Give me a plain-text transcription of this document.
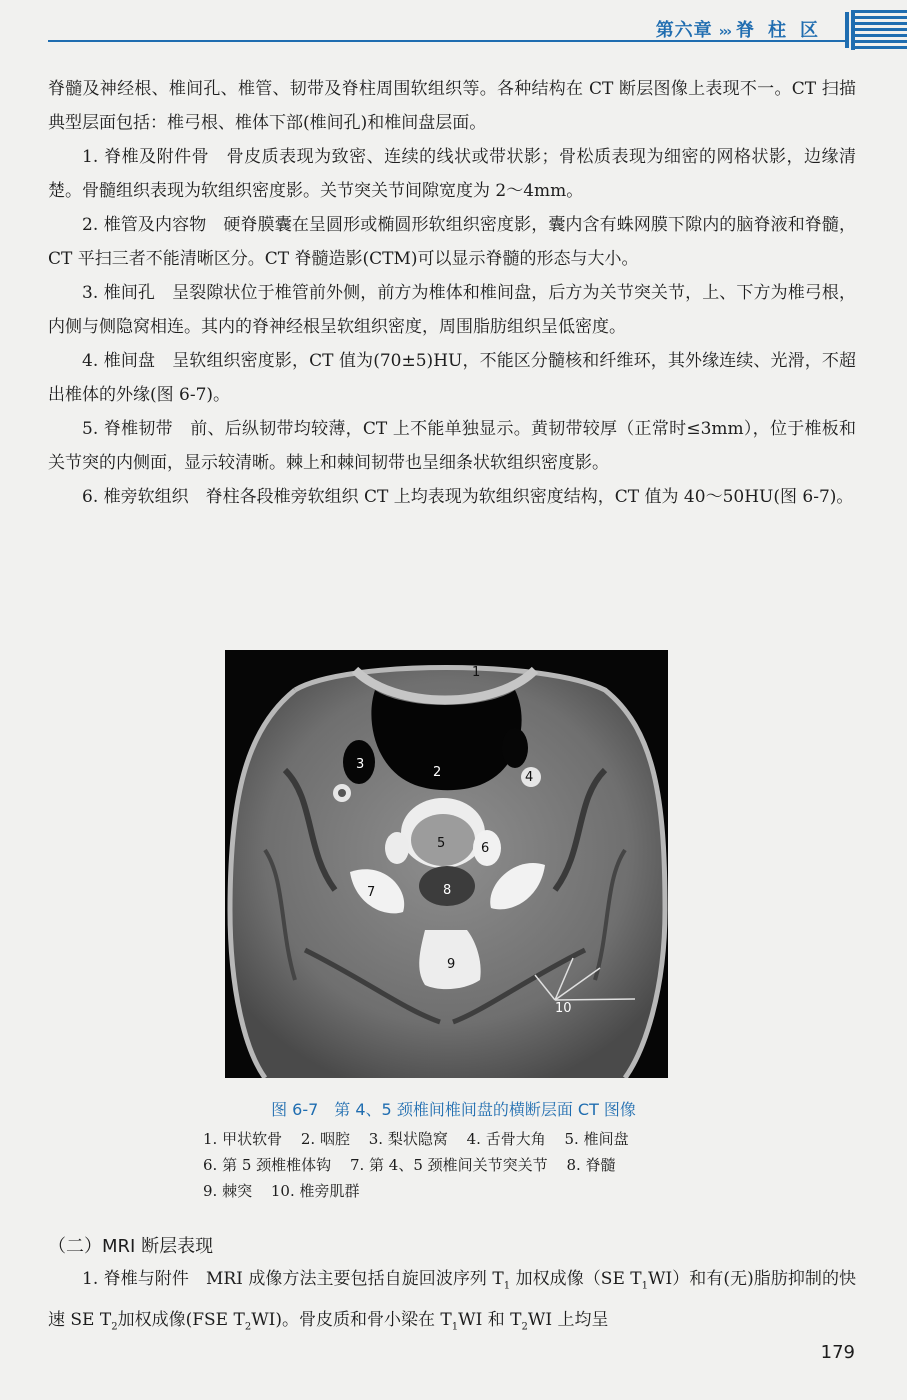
第六章 ››› 脊柱区

脊髓及神经根、椎间孔、椎管、韧带及脊柱周围软组织等。各种结构在 CT 断层图像上表现不一。CT 扫描典型层面包括：椎弓根、椎体下部(椎间孔)和椎间盘层面。

1. 脊椎及附件骨　骨皮质表现为致密、连续的线状或带状影；骨松质表现为细密的网格状影，边缘清楚。骨髓组织表现为软组织密度影。关节突关节间隙宽度为 2～4mm。

2. 椎管及内容物　硬脊膜囊在呈圆形或椭圆形软组织密度影，囊内含有蛛网膜下隙内的脑脊液和脊髓，CT 平扫三者不能清晰区分。CT 脊髓造影(CTM)可以显示脊髓的形态与大小。

3. 椎间孔　呈裂隙状位于椎管前外侧，前方为椎体和椎间盘，后方为关节突关节，上、下方为椎弓根，内侧与侧隐窝相连。其内的脊神经根呈软组织密度，周围脂肪组织呈低密度。

4. 椎间盘　呈软组织密度影，CT 值为(70±5)HU，不能区分髓核和纤维环，其外缘连续、光滑，不超出椎体的外缘(图 6-7)。

5. 脊椎韧带　前、后纵韧带均较薄，CT 上不能单独显示。黄韧带较厚（正常时≤3mm），位于椎板和关节突的内侧面，显示较清晰。棘上和棘间韧带也呈细条状软组织密度影。

6. 椎旁软组织　脊柱各段椎旁软组织 CT 上均表现为软组织密度结构，CT 值为 40～50HU(图 6-7)。

1
2
3
4
5	6
7	8
9
10
图 6-7　第 4、5 颈椎间椎间盘的横断层面 CT 图像
1. 甲状软骨 2. 咽腔 3. 梨状隐窝 4. 舌骨大角 5. 椎间盘
6. 第 5 颈椎椎体钩 7. 第 4、5 颈椎间关节突关节 8. 脊髓
9. 棘突 10. 椎旁肌群
（二）MRI 断层表现

1. 脊椎与附件　MRI 成像方法主要包括自旋回波序列 $T_1$ 加权成像（SE $T_1WI$）和有(无)脂肪抑制的快速 SE $T_2$加权成像(FSE $T_2WI$)。骨皮质和骨小梁在 $T_1WI$ 和 $T_2WI$ 上均呈

179
